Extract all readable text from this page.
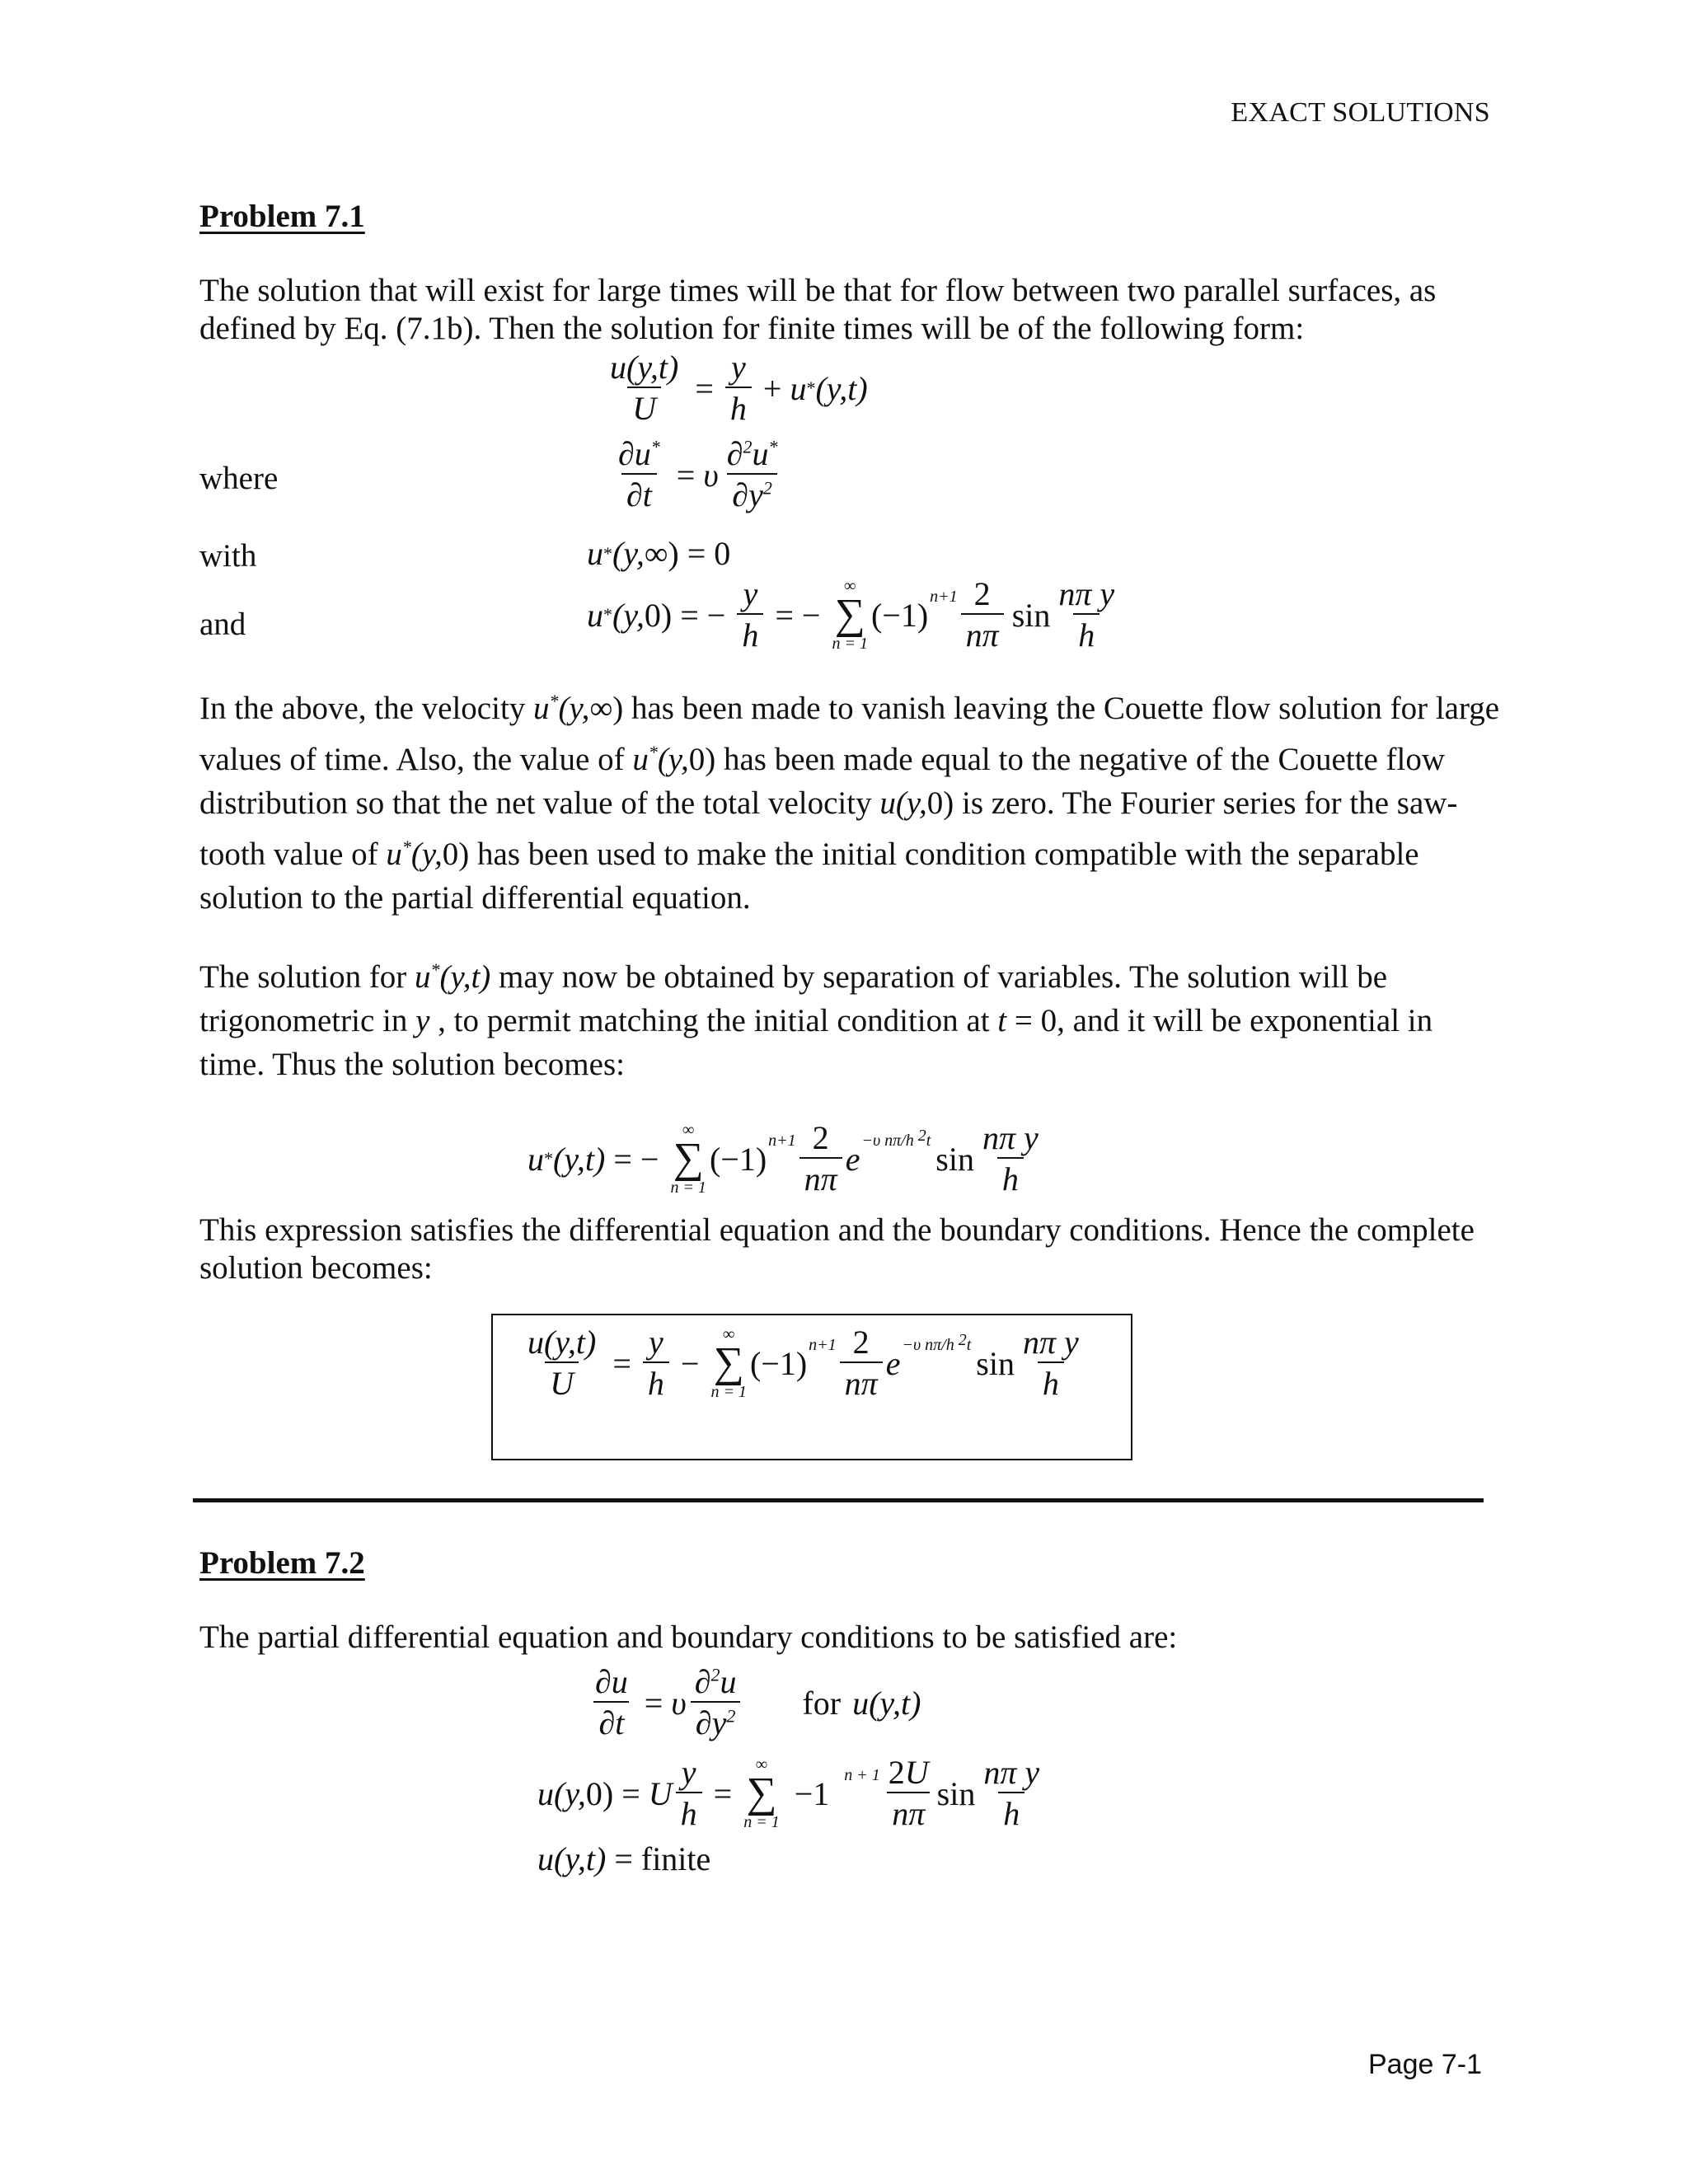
EXACT SOLUTIONS
Problem 7.1
The solution that will exist for large times will be that for flow between two parallel surfaces, as defined by Eq. (7.1b). Then the solution for finite times will be of the following form:
$\frac{u(y,t)}{U} = \frac{y}{h} + u * (y,t)$
where	$\frac{\partial u^*}{\partial t} = \upsilon \frac{\partial^2u^*}{\partial y^2}$
with	u * (y, ∞) = 0
and	u * (y, 0) = − $\frac{y}{h}$ = −
∞
∑
n = 1
(−1) $n+1 \frac{2}{n\pi}$ $\sin \frac{\text{nπ y}}{h}$
In the above, the velocity u*(y,∞) has been made to vanish leaving the Couette flow solution for large values of time. Also, the value of u*(y,0) has been made equal to the negative of the Couette flow distribution so that the net value of the total velocity u(y,0) is zero. The Fourier series for the saw-tooth value of u*(y,0) has been used to make the initial condition compatible with the separable solution to the partial differential equation.
The solution for u*(y,t) may now be obtained by separation of variables. The solution will be trigonometric in y , to permit matching the initial condition at t = 0, and it will be exponential in time. Thus the solution becomes:
u * (y,t) = −
∞
∑
n = 1
(−1) $n+1 \frac{2}{n\pi}$ e −υ nπ/h 2t $\sin \frac{\text{nπ y}}{h}$
This expression satisfies the differential equation and the boundary conditions. Hence the complete solution becomes:
$\frac{u(y,t)}{U} = \frac{y}{h}$ −
∞
∑
n = 1
(−1) $n+1 \frac{2}{n\pi}$ e −υ nπ/h 2t $\sin \frac{\text{nπ y}}{h}$
Problem 7.2
The partial differential equation and boundary conditions to be satisfied are:
$\frac{\partial u}{\partial t} = \upsilon \frac{\partial^2u}{\partial y^2}$ for u(y,t)
u(y, 0) = U $\frac{y}{h}$ =
∞
∑
n = 1
−1 $n + 1 \frac{2U}{n\pi}$ $\sin \frac{\text{nπ y}}{h}$
u(y,t) = finite
Page 7-1
